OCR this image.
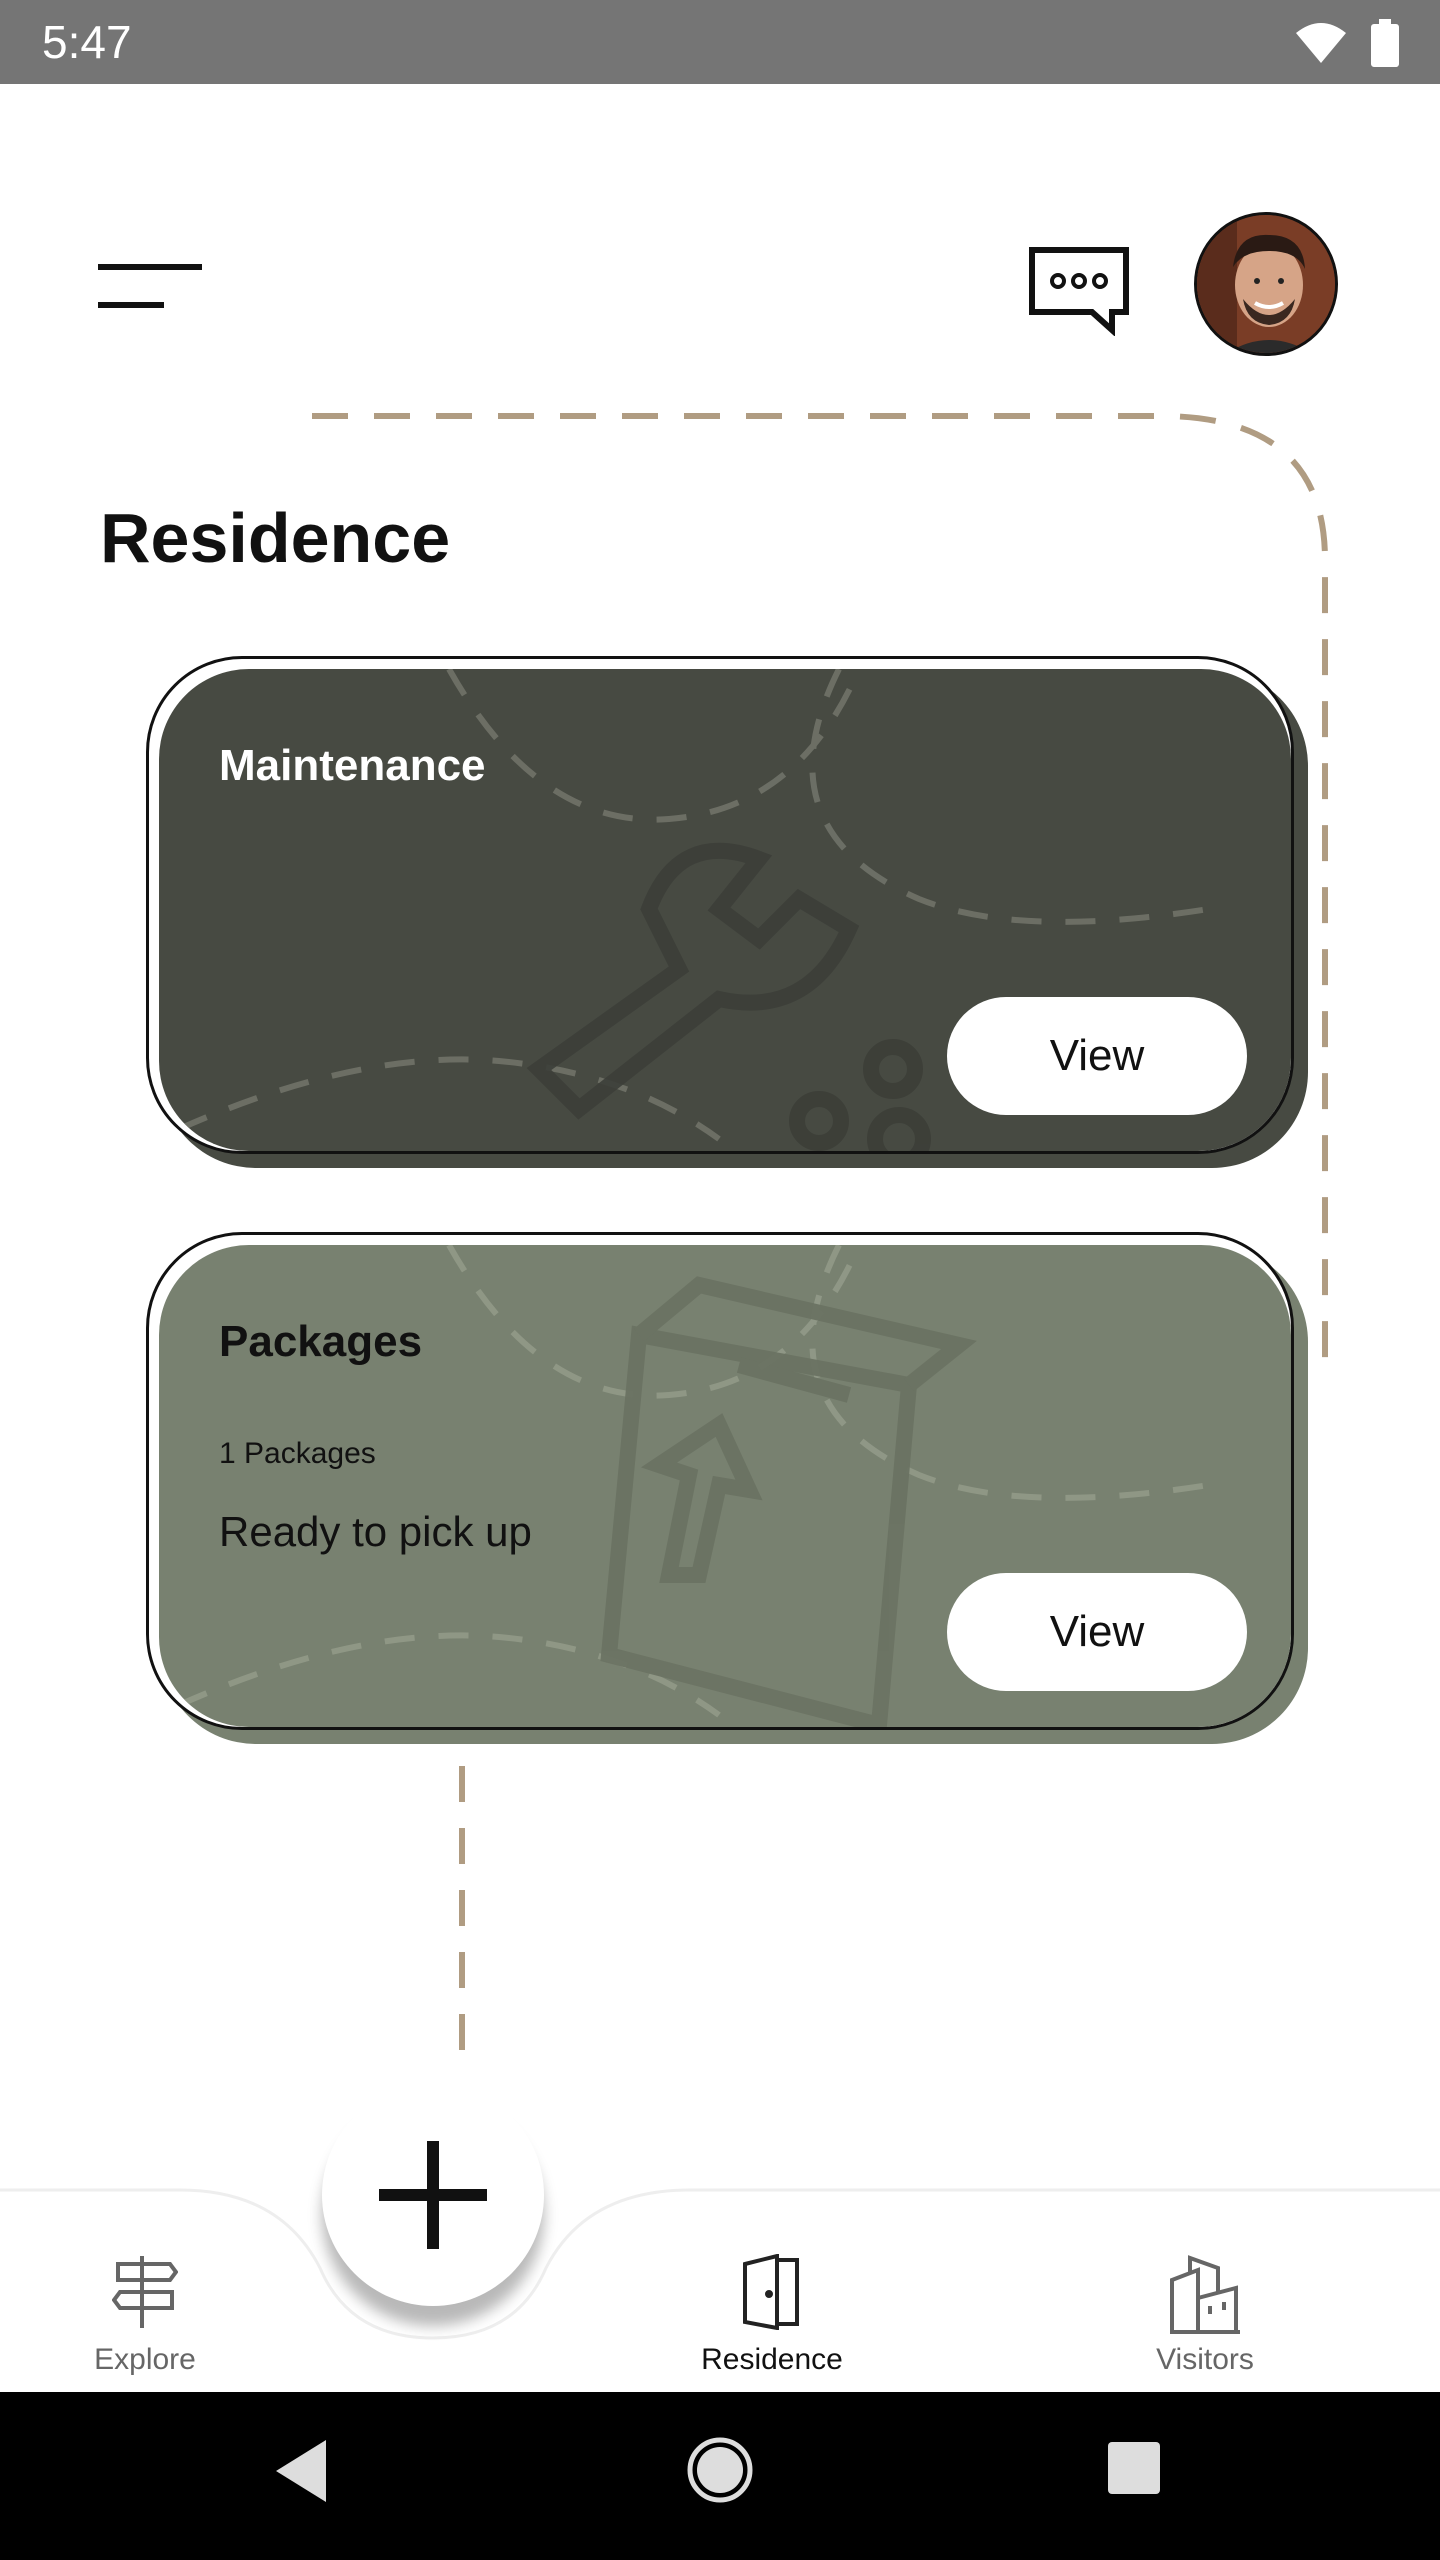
5:47
Residence
Maintenance
View
Packages
1 Packages
Ready to pick up
View
Explore	Residence	Visitors
